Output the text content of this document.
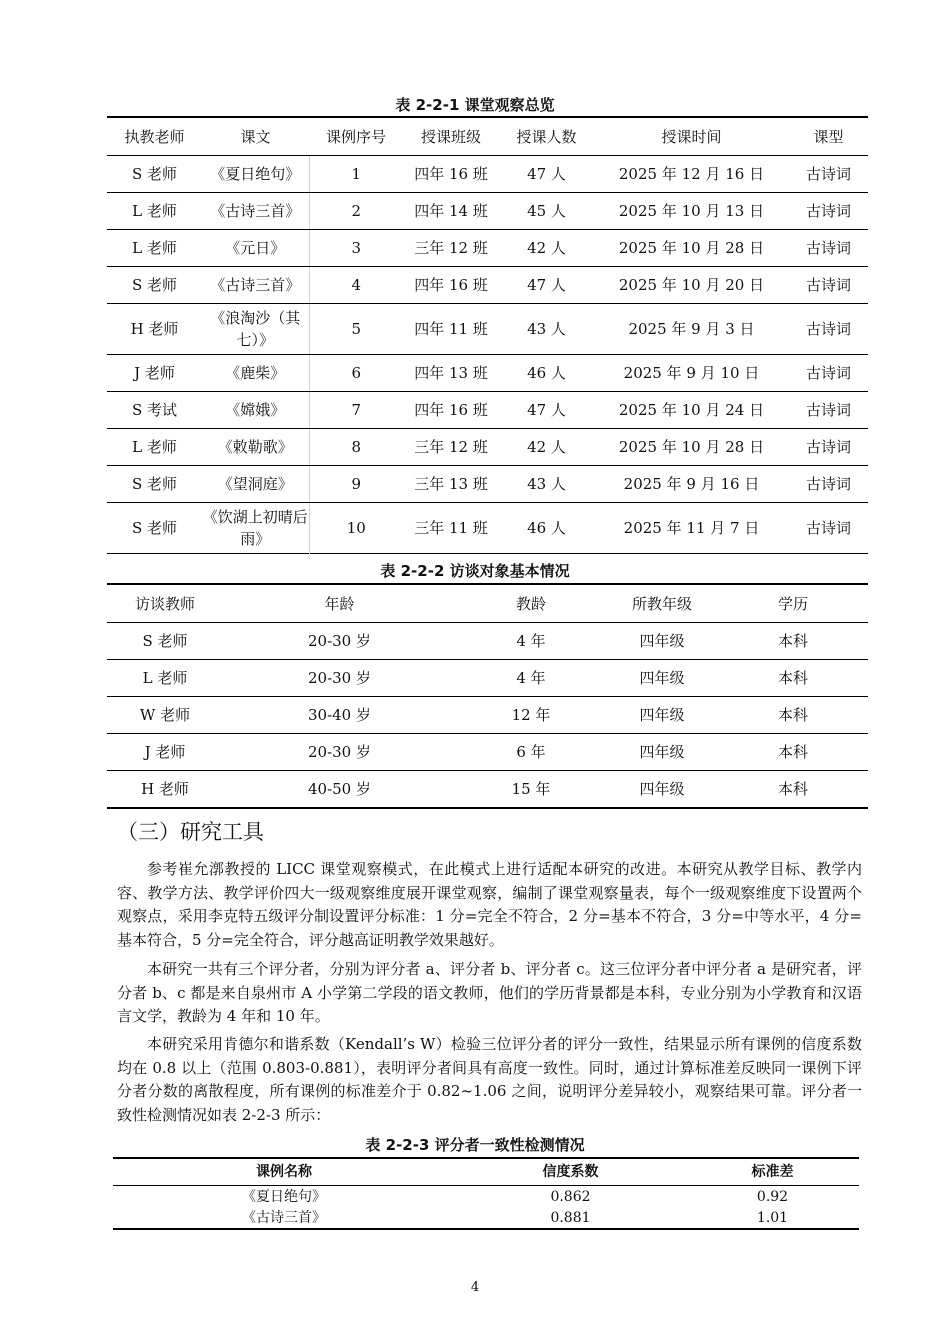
表 2-2-1 课堂观察总览
执教老师	课文	课例序号	授课班级	授课人数	授课时间	课型
S 老师	《夏日绝句》	1	四年 16 班	47 人	2025 年 12 月 16 日	古诗词
L 老师	《古诗三首》	2	四年 14 班	45 人	2025 年 10 月 13 日	古诗词
L 老师	《元日》	3	三年 12 班	42 人	2025 年 10 月 28 日	古诗词
S 老师	《古诗三首》	4	四年 16 班	47 人	2025 年 10 月 20 日	古诗词
H 老师	《浪淘沙（其七）》	5	四年 11 班	43 人	2025 年 9 月 3 日	古诗词
J 老师	《鹿柴》	6	四年 13 班	46 人	2025 年 9 月 10 日	古诗词
S 考试	《嫦娥》	7	四年 16 班	47 人	2025 年 10 月 24 日	古诗词
L 老师	《敕勒歌》	8	三年 12 班	42 人	2025 年 10 月 28 日	古诗词
S 老师	《望洞庭》	9	三年 13 班	43 人	2025 年 9 月 16 日	古诗词
S 老师	《饮湖上初晴后雨》	10	三年 11 班	46 人	2025 年 11 月 7 日	古诗词
表 2-2-2 访谈对象基本情况
访谈教师	年龄	教龄	所教年级	学历
S 老师	20-30 岁	4 年	四年级	本科
L 老师	20-30 岁	4 年	四年级	本科
W 老师	30-40 岁	12 年	四年级	本科
J 老师	20-30 岁	6 年	四年级	本科
H 老师	40-50 岁	15 年	四年级	本科
（三）研究工具

参考崔允漷教授的 LICC 课堂观察模式，在此模式上进行适配本研究的改进。本研究从教学目标、教学内容、教学方法、教学评价四大一级观察维度展开课堂观察，编制了课堂观察量表，每个一级观察维度下设置两个观察点，采用李克特五级评分制设置评分标准：1 分=完全不符合，2 分=基本不符合，3 分=中等水平，4 分=基本符合，5 分=完全符合，评分越高证明教学效果越好。

本研究一共有三个评分者，分别为评分者 a、评分者 b、评分者 c。这三位评分者中评分者 a 是研究者，评分者 b、c 都是来自泉州市 A 小学第二学段的语文教师，他们的学历背景都是本科，专业分别为小学教育和汉语言文学，教龄为 4 年和 10 年。

本研究采用肯德尔和谐系数（Kendall’s W）检验三位评分者的评分一致性，结果显示所有课例的信度系数均在 0.8 以上（范围 0.803-0.881），表明评分者间具有高度一致性。同时，通过计算标准差反映同一课例下评分者分数的离散程度，所有课例的标准差介于 0.82~1.06 之间，说明评分差异较小，观察结果可靠。评分者一致性检测情况如表 2-2-3 所示：

表 2-2-3 评分者一致性检测情况
课例名称	信度系数	标准差
《夏日绝句》	0.862	0.92
《古诗三首》	0.881	1.01
4
